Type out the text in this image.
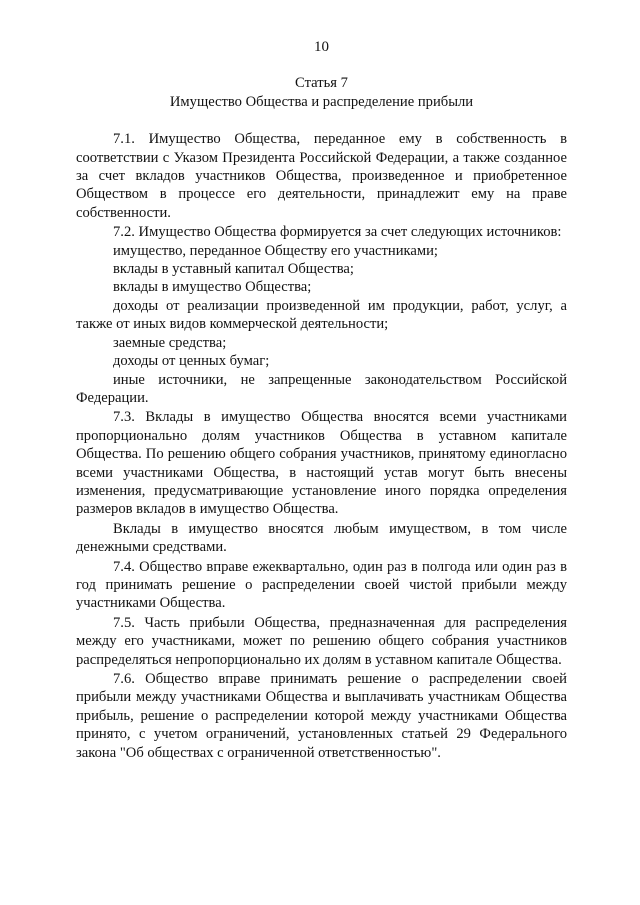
10
Статья 7
Имущество Общества и распределение прибыли

7.1. Имущество Общества, переданное ему в собственность в соответствии с Указом Президента Российской Федерации, а также созданное за счет вкладов участников Общества, произведенное и приобретенное Обществом в процессе его деятельности, принадлежит ему на праве собственности.

7.2. Имущество Общества формируется за счет следующих источников:

имущество, переданное Обществу его участниками;

вклады в уставный капитал Общества;

вклады в имущество Общества;

доходы от реализации произведенной им продукции, работ, услуг, а также от иных видов коммерческой деятельности;

заемные средства;

доходы от ценных бумаг;

иные источники, не запрещенные законодательством Российской Федерации.

7.3. Вклады в имущество Общества вносятся всеми участниками пропорционально долям участников Общества в уставном капитале Общества. По решению общего собрания участников, принятому единогласно всеми участниками Общества, в настоящий устав могут быть внесены изменения, предусматривающие установление иного порядка определения размеров вкладов в имущество Общества.

Вклады в имущество вносятся любым имуществом, в том числе денежными средствами.

7.4. Общество вправе ежеквартально, один раз в полгода или один раз в год принимать решение о распределении своей чистой прибыли между участниками Общества.

7.5. Часть прибыли Общества, предназначенная для распределения между его участниками, может по решению общего собрания участников распределяться непропорционально их долям в уставном капитале Общества.

7.6. Общество вправе принимать решение о распределении своей прибыли между участниками Общества и выплачивать участникам Общества прибыль, решение о распределении которой между участниками Общества принято, с учетом ограничений, установленных статьей 29 Федерального закона "Об обществах с ограниченной ответственностью".
